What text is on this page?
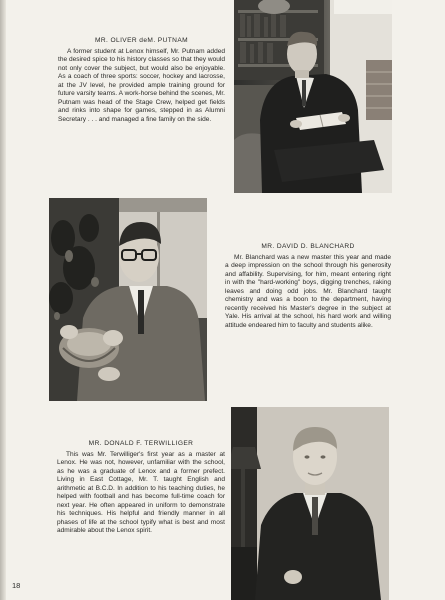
MR. OLIVER deM. PUTNAM

A former student at Lenox himself, Mr. Putnam added the desired spice to his history classes so that they would not only cover the subject, but would also be enjoyable. As a coach of three sports: soccer, hockey and lacrosse, at the JV level, he provided ample training ground for future varsity teams. A work-horse behind the scenes, Mr. Putnam was head of the Stage Crew, helped get fields and rinks into shape for games, stepped in as Alumni Secretary . . . and managed a fine family on the side.

MR. DAVID D. BLANCHARD

Mr. Blanchard was a new master this year and made a deep impression on the school through his generosity and affability. Supervising, for him, meant entering right in with the "hard-working" boys, digging trenches, raking leaves and doing odd jobs. Mr. Blanchard taught chemistry and was a boon to the department, having recently received his Master's degree in the subject at Yale. His arrival at the school, his hard work and willing attitude endeared him to faculty and students alike.

MR. DONALD F. TERWILLIGER

This was Mr. Terwilliger's first year as a master at Lenox. He was not, however, unfamiliar with the school, as he was a graduate of Lenox and a former prefect. Living in East Cottage, Mr. T. taught English and arithmetic at B.C.D. In addition to his teaching duties, he helped with football and has become full-time coach for next year. He often appeared in uniform to demonstrate his techniques. His helpful and friendly manner in all phases of life at the school typify what is best and most admirable about the Lenox spirit.

18
